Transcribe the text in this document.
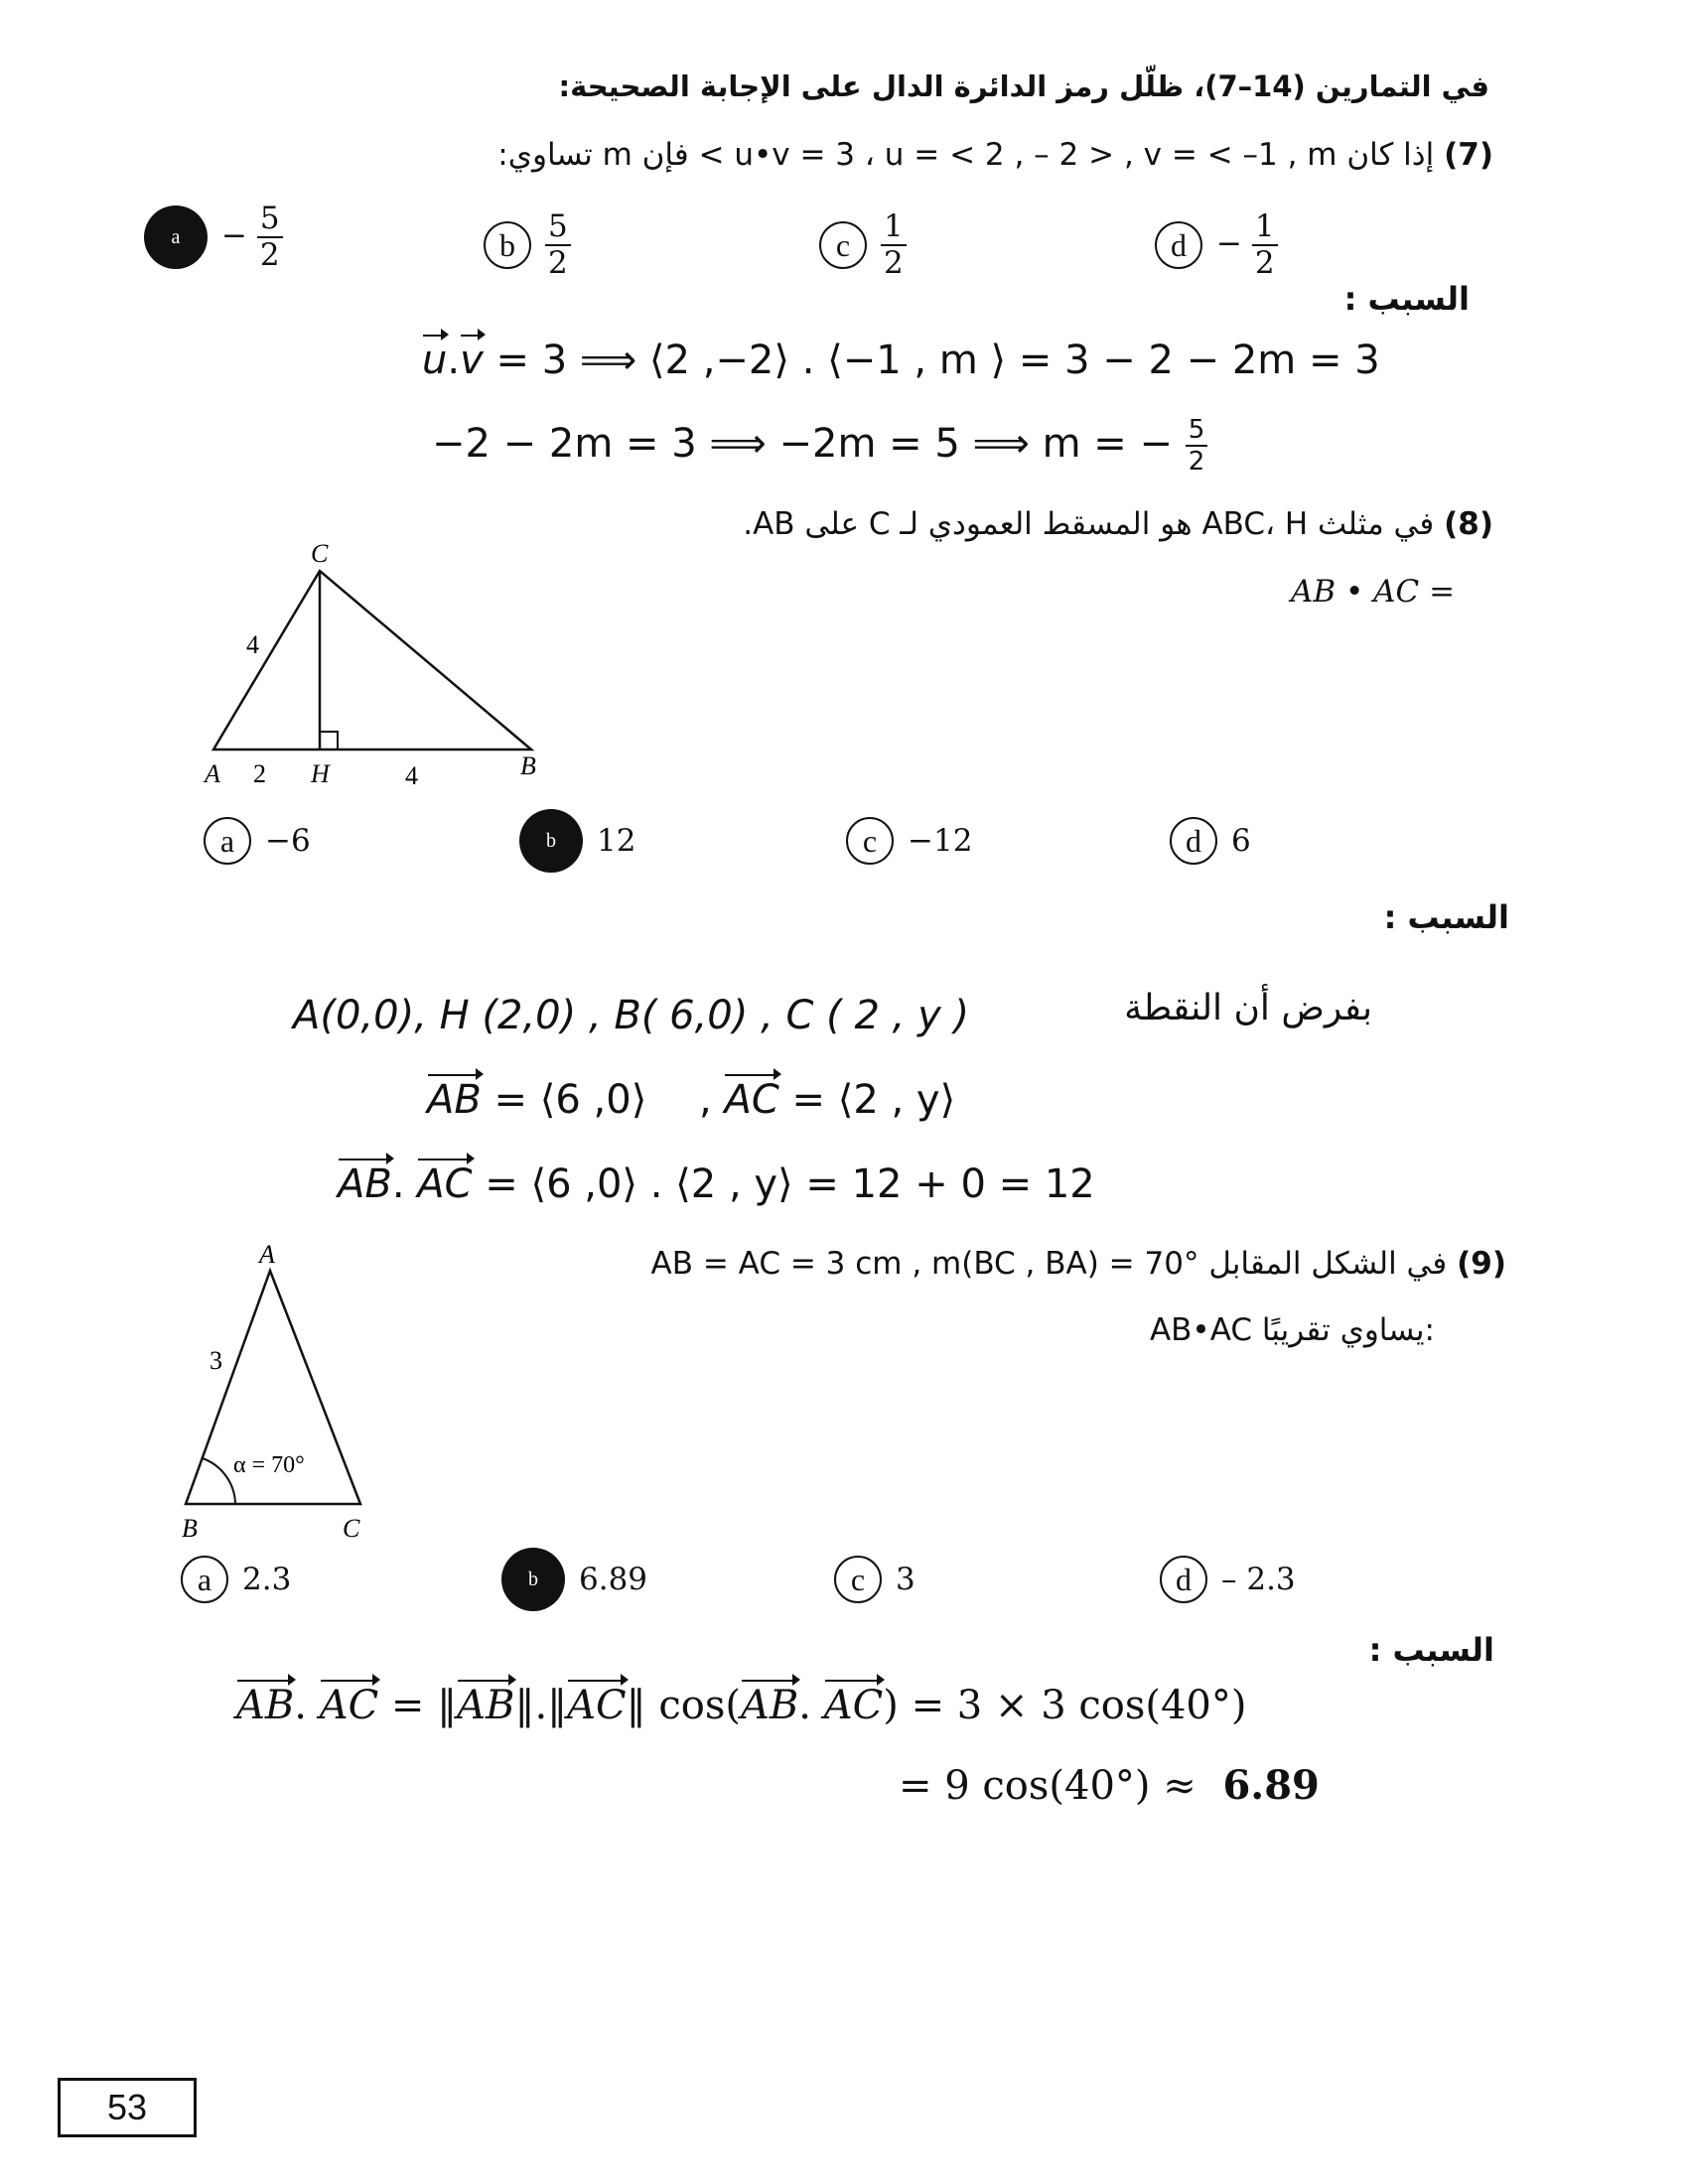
في التمارين (14–7)، ظلّل رمز الدائرة الدال على الإجابة الصحيحة:
(7) إذا كان u•v = 3 ، u = < 2 , – 2 > , v = < –1 , m > فإن m تساوي:
a	− $\frac{5}{2}$	b $\frac{5}{2}$	c $\frac{1}{2}$	$d - \frac{1}{2}$
السبب :
u.v = 3 ⟹ ⟨2 ,−2⟩ . ⟨−1 , m ⟩ = 3 − 2 − 2m = 3
−2 − 2m = 3 ⟹ −2m = 5 ⟹ m = − $\frac{5}{2}$
(8) في مثلث ABC، H هو المسقط العمودي لـ C على AB.
AB • AC =
C
A	H	B
4
2	4
a −6	b	12	c −12	d 6
السبب :
بفرض أن النقطة
A(0,0), H (2,0) , B( 6,0) , C ( 2 , y )
AB = ⟨6 ,0⟩ , AC = ⟨2 , y⟩
AB. AC = ⟨6 ,0⟩ . ⟨2 , y⟩ = 12 + 0 = 12
(9) في الشكل المقابل AB = AC = 3 cm , m(BC , BA) = 70°
AB•AC يساوي تقريبًا:
A
B	C
3
α = 70°
a 2.3	b	6.89	c 3	d – 2.3
السبب :
AB. AC = ‖AB‖.‖AC‖ cos(AB. AC) = 3 × 3 cos(40°)
= 9 cos(40°) ≈ 6.89
53
